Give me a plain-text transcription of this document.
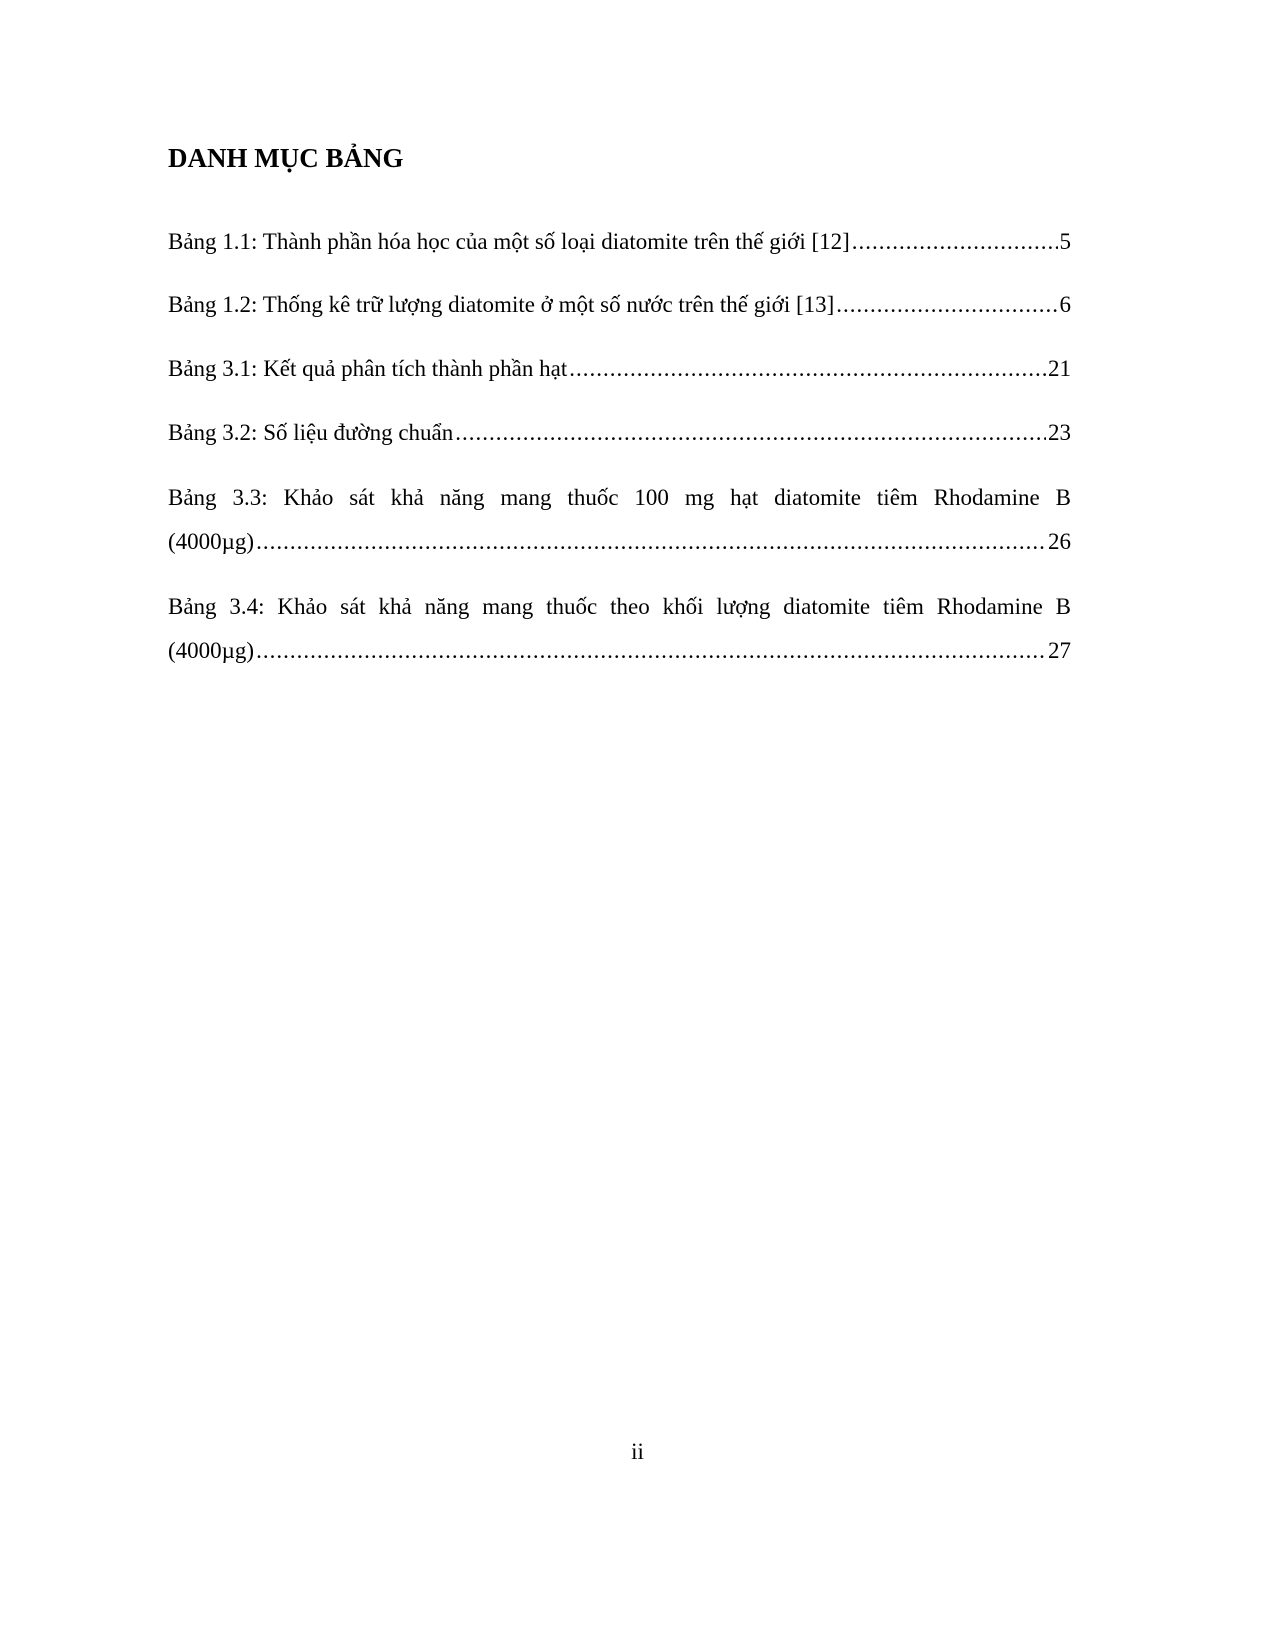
DANH MỤC BẢNG
Bảng 1.1: Thành phần hóa học của một số loại diatomite trên thế giới [12] .....	5
Bảng 1.2: Thống kê trữ lượng diatomite ở một số nước trên thế giới [13] .....	6
Bảng 3.1: Kết quả phân tích thành phần hạt .....	21
Bảng 3.2: Số liệu đường chuẩn .....	23
Bảng 3.3: Khảo sát khả năng mang thuốc 100 mg hạt diatomite tiêm Rhodamine B
(4000µg) .....	26
Bảng 3.4: Khảo sát khả năng mang thuốc theo khối lượng diatomite tiêm Rhodamine B
(4000µg) .....	27
ii
